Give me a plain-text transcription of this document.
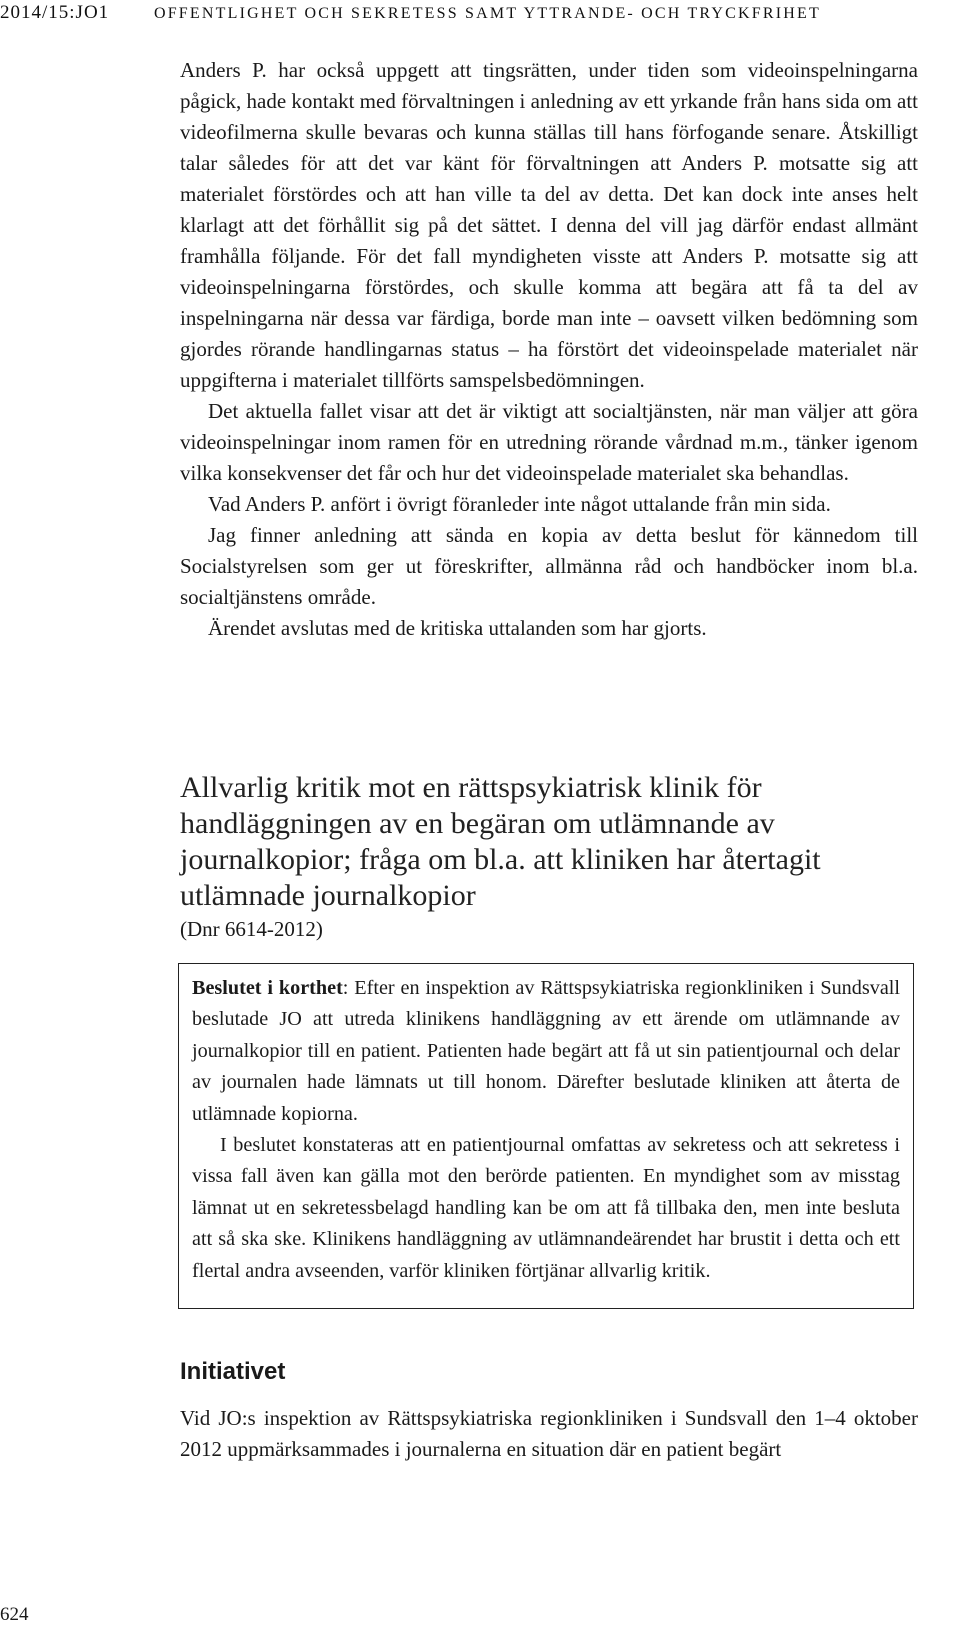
2014/15:JO1	OFFENTLIGHET OCH SEKRETESS SAMT YTTRANDE- OCH TRYCKFRIHET

Anders P. har också uppgett att tingsrätten, under tiden som videoinspelningarna pågick, hade kontakt med förvaltningen i anledning av ett yrkande från hans sida om att videofilmerna skulle bevaras och kunna ställas till hans förfogande senare. Åtskilligt talar således för att det var känt för förvaltningen att Anders P. motsatte sig att materialet förstördes och att han ville ta del av detta. Det kan dock inte anses helt klarlagt att det förhållit sig på det sättet. I denna del vill jag därför endast allmänt framhålla följande. För det fall myndigheten visste att Anders P. motsatte sig att videoinspelningarna förstördes, och skulle komma att begära att få ta del av inspelningarna när dessa var färdiga, borde man inte – oavsett vilken bedömning som gjordes rörande handlingarnas status – ha förstört det videoinspelade materialet när uppgifterna i materialet tillförts samspelsbedömningen.

Det aktuella fallet visar att det är viktigt att socialtjänsten, när man väljer att göra videoinspelningar inom ramen för en utredning rörande vårdnad m.m., tänker igenom vilka konsekvenser det får och hur det videoinspelade materialet ska behandlas.

Vad Anders P. anfört i övrigt föranleder inte något uttalande från min sida.

Jag finner anledning att sända en kopia av detta beslut för kännedom till Socialstyrelsen som ger ut föreskrifter, allmänna råd och handböcker inom bl.a. socialtjänstens område.

Ärendet avslutas med de kritiska uttalanden som har gjorts.

Allvarlig kritik mot en rättspsykiatrisk klinik för
handläggningen av en begäran om utlämnande av
journalkopior; fråga om bl.a. att kliniken har återtagit
utlämnade journalkopior
(Dnr 6614-2012)

Beslutet i korthet: Efter en inspektion av Rättspsykiatriska regionkliniken i Sundsvall beslutade JO att utreda klinikens handläggning av ett ärende om utlämnande av journalkopior till en patient. Patienten hade begärt att få ut sin patientjournal och delar av journalen hade lämnats ut till honom. Därefter beslutade kliniken att återta de utlämnade kopiorna.

I beslutet konstateras att en patientjournal omfattas av sekretess och att sekretess i vissa fall även kan gälla mot den berörde patienten. En myndighet som av misstag lämnat ut en sekretessbelagd handling kan be om att få tillbaka den, men inte besluta att så ska ske. Klinikens handläggning av utlämnandeärendet har brustit i detta och ett flertal andra avseenden, varför kliniken förtjänar allvarlig kritik.

Initiativet

Vid JO:s inspektion av Rättspsykiatriska regionkliniken i Sundsvall den 1–4 oktober 2012 uppmärksammades i journalerna en situation där en patient begärt

624
